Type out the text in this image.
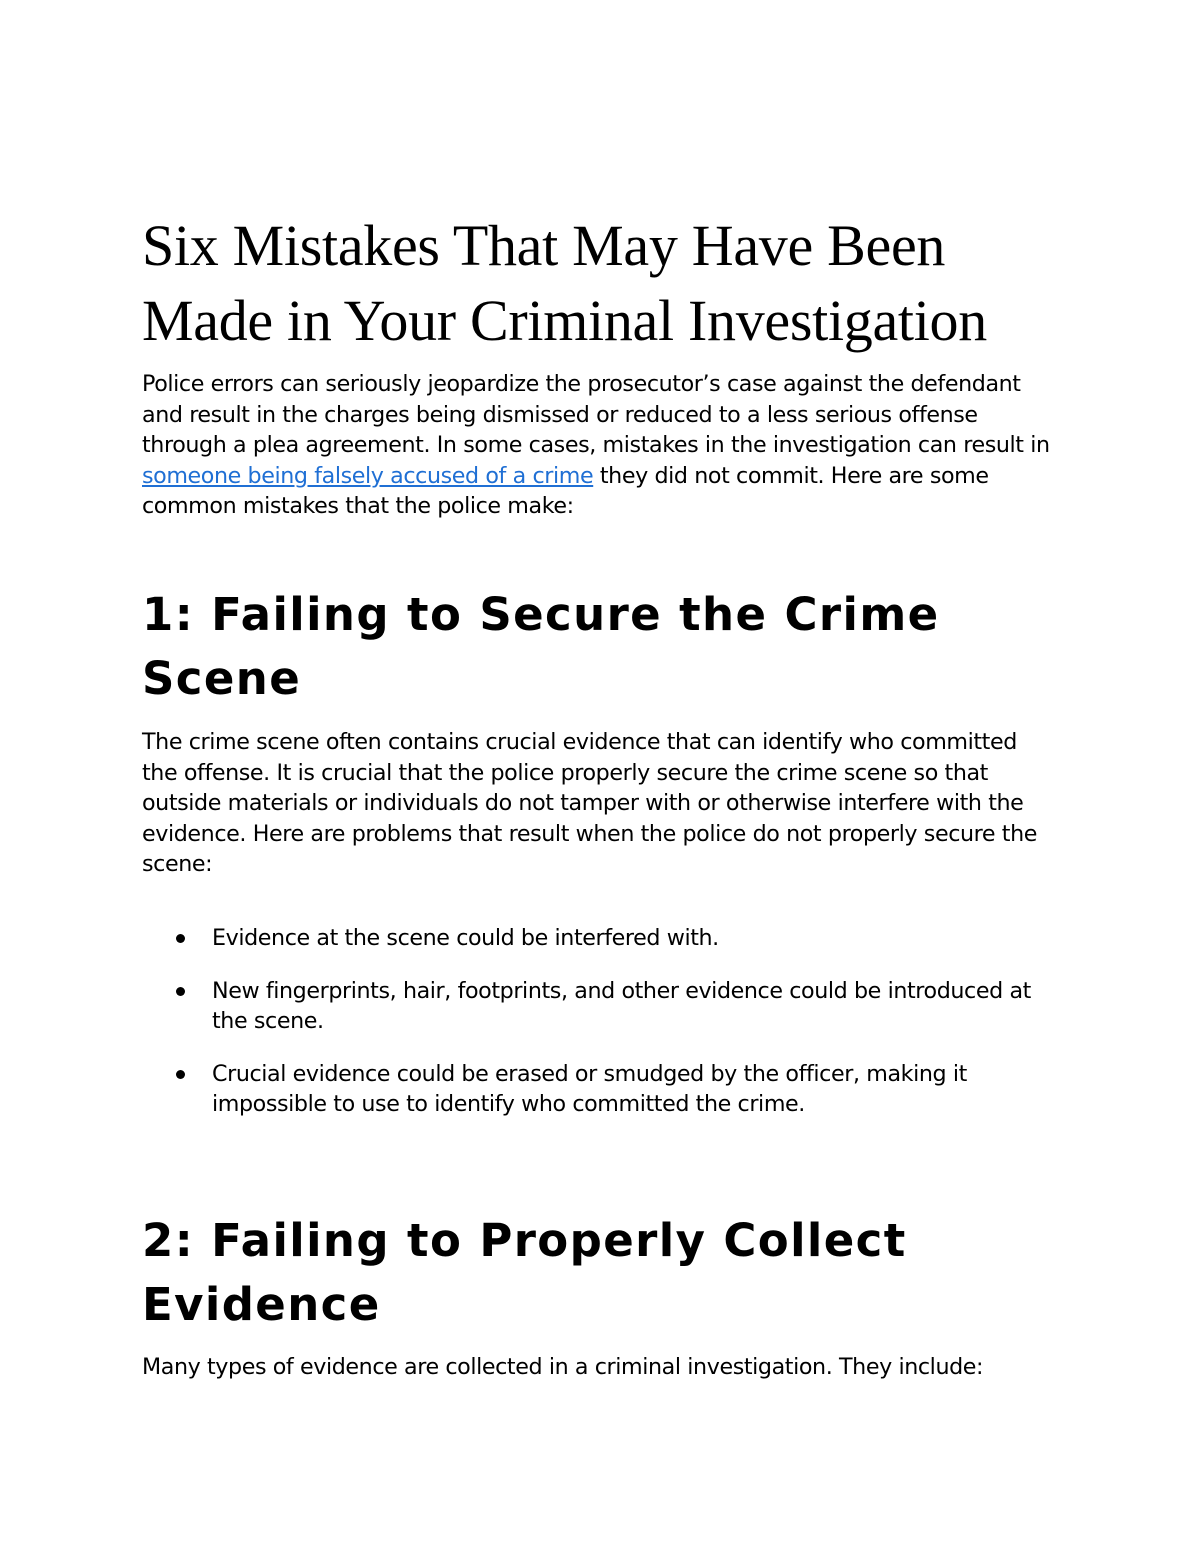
Six Mistakes That May Have Been Made in Your Criminal Investigation

Police errors can seriously jeopardize the prosecutor’s case against the defendant and result in the charges being dismissed or reduced to a less serious offense through a plea agreement. In some cases, mistakes in the investigation can result in someone being falsely accused of a crime they did not commit. Here are some common mistakes that the police make:

1: Failing to Secure the Crime Scene

The crime scene often contains crucial evidence that can identify who committed the offense. It is crucial that the police properly secure the crime scene so that outside materials or individuals do not tamper with or otherwise interfere with the evidence. Here are problems that result when the police do not properly secure the scene:

Evidence at the scene could be interfered with.
New fingerprints, hair, footprints, and other evidence could be introduced at the scene.
Crucial evidence could be erased or smudged by the officer, making it impossible to use to identify who committed the crime.
2: Failing to Properly Collect Evidence

Many types of evidence are collected in a criminal investigation. They include:
